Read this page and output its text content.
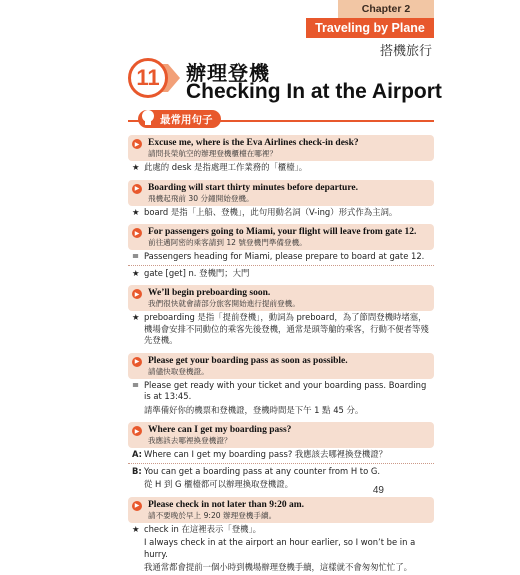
Chapter 2
Traveling by Plane
搭機旅行
11	辦理登機
Checking In at the Airport
最常用句子
▶ Excuse me, where is the Eva Airlines check-in desk?
請問長榮航空的辦理登機櫃檯在哪裡？
★ 此處的 desk 是指處理工作業務的「櫃檯」。
▶ Boarding will start thirty minutes before departure.
飛機起飛前 30 分鐘開始登機。
★ board 是指「上船、登機」，此句用動名詞（V-ing）形式作為主詞。
▶ For passengers going to Miami, your flight will leave from gate 12.
前往邁阿密的乘客請到 12 號登機門準備登機。
= Passengers heading for Miami, please prepare to board at gate 12.
★ gate [get] n. 登機門；大門
▶ We’ll begin preboarding soon.
我們很快就會請部分旅客開始進行提前登機。
★ preboarding 是指「提前登機」，動詞為 preboard，為了節問登機時堵塞，機場會安排不同動位的乘客先後登機，通常是頭等艙的乘客，行動不便者等殘先登機。
▶ Please get your boarding pass as soon as possible.
請儘快取登機證。
= Please get ready with your ticket and your boarding pass. Boarding is at 13:45.
請準備好你的機票和登機證，登機時間是下午 1 點 45 分。
▶ Where can I get my boarding pass?
我應該去哪裡換登機證？
A: Where can I get my boarding pass? 我應該去哪裡換登機證？
B: You can get a boarding pass at any counter from H to G.
從 H 到 G 櫃檯都可以辦理換取登機證。
▶ Please check in not later than 9:20 am.
請不要晚於早上 9:20 辦理登機手續。
★ check in 在這裡表示「登機」。
I always check in at the airport an hour earlier, so I won’t be in a hurry.
我通常都會提前一個小時到機場辦理登機手續，這樣就不會匆匆忙忙了。
49
